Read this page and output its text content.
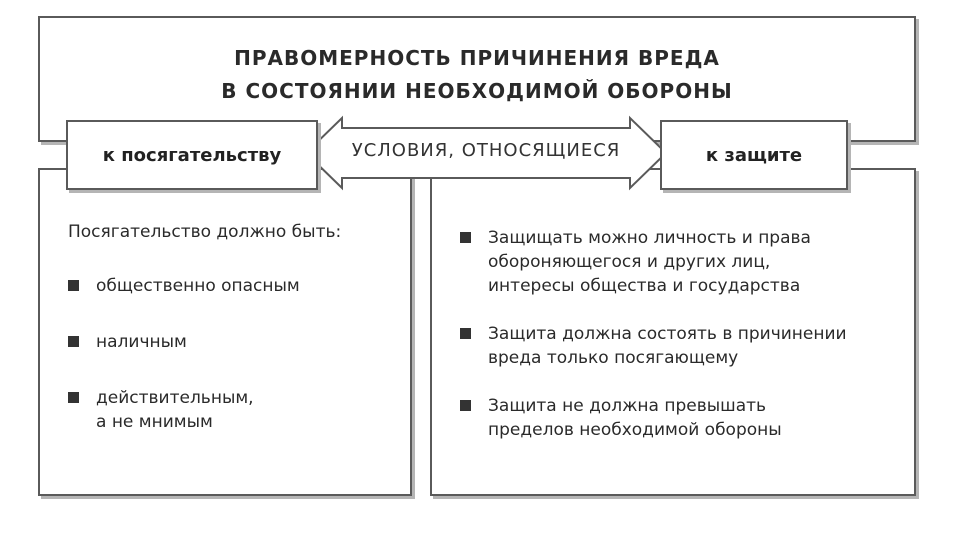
ПРАВОМЕРНОСТЬ ПРИЧИНЕНИЯ ВРЕДА
В СОСТОЯНИИ НЕОБХОДИМОЙ ОБОРОНЫ
Посягательство должно быть:
общественно опасным
наличным
действительным,
а не мнимым
Защищать можно личность и права
обороняющегося и других лиц,
интересы общества и государства
Защита должна состоять в причинении
вреда только посягающему
Защита не должна превышать
пределов необходимой обороны
УСЛОВИЯ, ОТНОСЯЩИЕСЯ
к посягательству	к защите
